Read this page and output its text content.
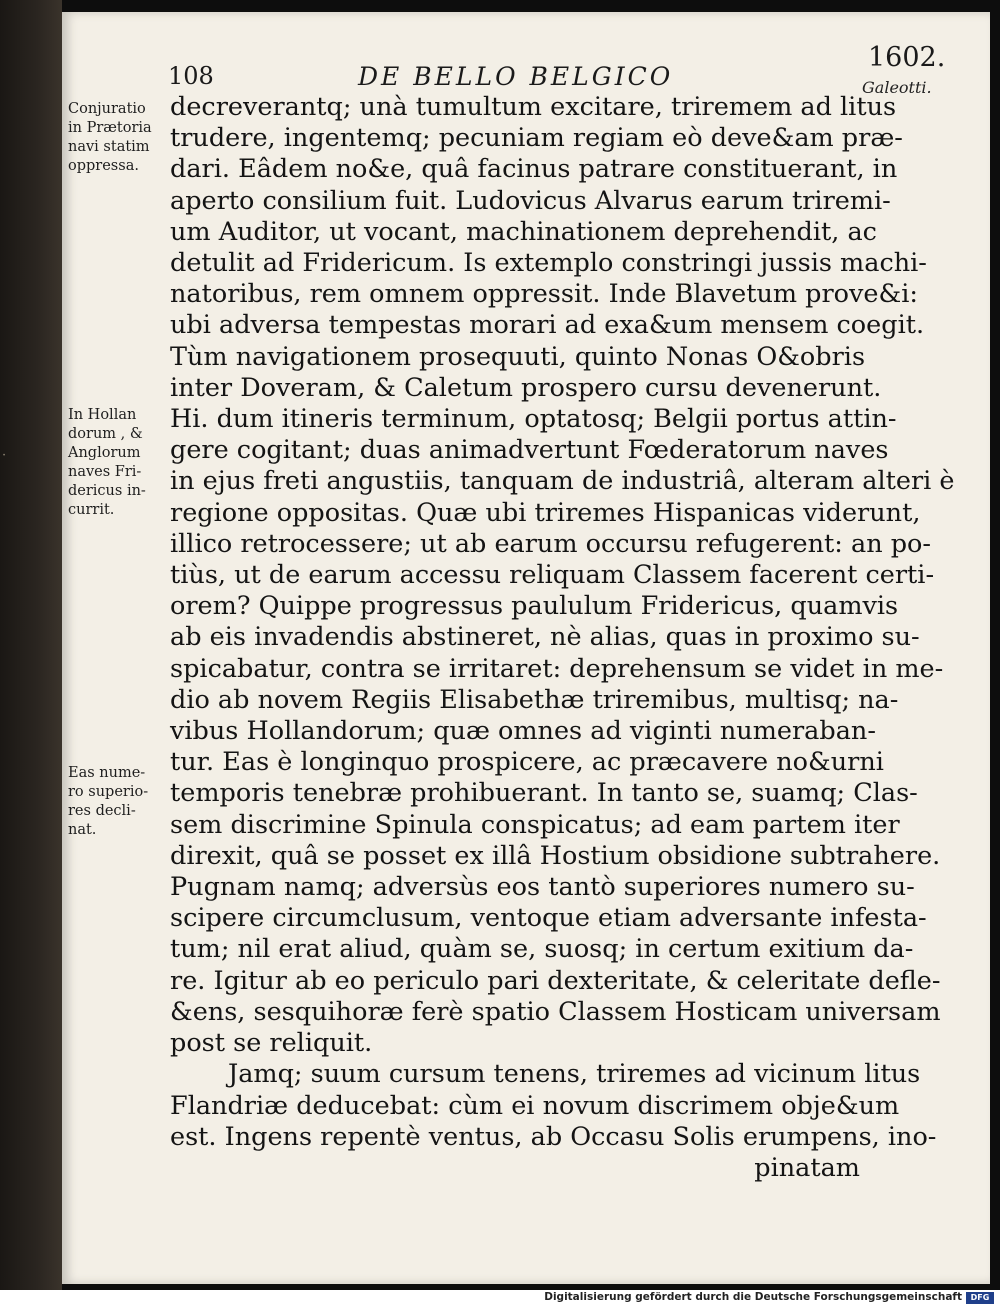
·
108	DE BELLO BELGICO
1602.
Galeotti.
Conjuratio
in Prætoria
navi statim
oppressa.
In Hollan
dorum , &
Anglorum
naves Fri-
dericus in-
currit.
Eas nume-
ro superio-
res decli-
nat.
decreverantq; unà tumultum excitare, triremem ad litus
trudere, ingentemq; pecuniam regiam eò deve&am præ-
dari. Eâdem no&e, quâ facinus patrare constituerant, in
aperto consilium fuit. Ludovicus Alvarus earum triremi-
um Auditor, ut vocant, machinationem deprehendit, ac
detulit ad Fridericum. Is extemplo constringi jussis machi-
natoribus, rem omnem oppressit. Inde Blavetum prove&i:
ubi adversa tempestas morari ad exa&um mensem coegit.
Tùm navigationem prosequuti, quinto Nonas O&obris
inter Doveram, & Caletum prospero cursu devenerunt.
Hi. dum itineris terminum, optatosq; Belgii portus attin-
gere cogitant; duas animadvertunt Fœderatorum naves
in ejus freti angustiis, tanquam de industriâ, alteram alteri è
regione oppositas. Quæ ubi triremes Hispanicas viderunt,
illico retrocessere; ut ab earum occursu refugerent: an po-
tiùs, ut de earum accessu reliquam Classem facerent certi-
orem? Quippe progressus paululum Fridericus, quamvis
ab eis invadendis abstineret, nè alias, quas in proximo su-
spicabatur, contra se irritaret: deprehensum se videt in me-
dio ab novem Regiis Elisabethæ triremibus, multisq; na-
vibus Hollandorum; quæ omnes ad viginti numeraban-
tur. Eas è longinquo prospicere, ac præcavere no&urni
temporis tenebræ prohibuerant. In tanto se, suamq; Clas-
sem discrimine Spinula conspicatus; ad eam partem iter
direxit, quâ se posset ex illâ Hostium obsidione subtrahere.
Pugnam namq; adversùs eos tantò superiores numero su-
scipere circumclusum, ventoque etiam adversante infesta-
tum; nil erat aliud, quàm se, suosq; in certum exitium da-
re. Igitur ab eo periculo pari dexteritate, & celeritate defle-
&ens, sesquihoræ ferè spatio Classem Hosticam universam
post se reliquit.
Jamq; suum cursum tenens, triremes ad vicinum litus
Flandriæ deducebat: cùm ei novum discrimem obje&um
est. Ingens repentè ventus, ab Occasu Solis erumpens, ino-
pinatam
Digitalisierung gefördert durch die Deutsche Forschungsgemeinschaft	DFG
